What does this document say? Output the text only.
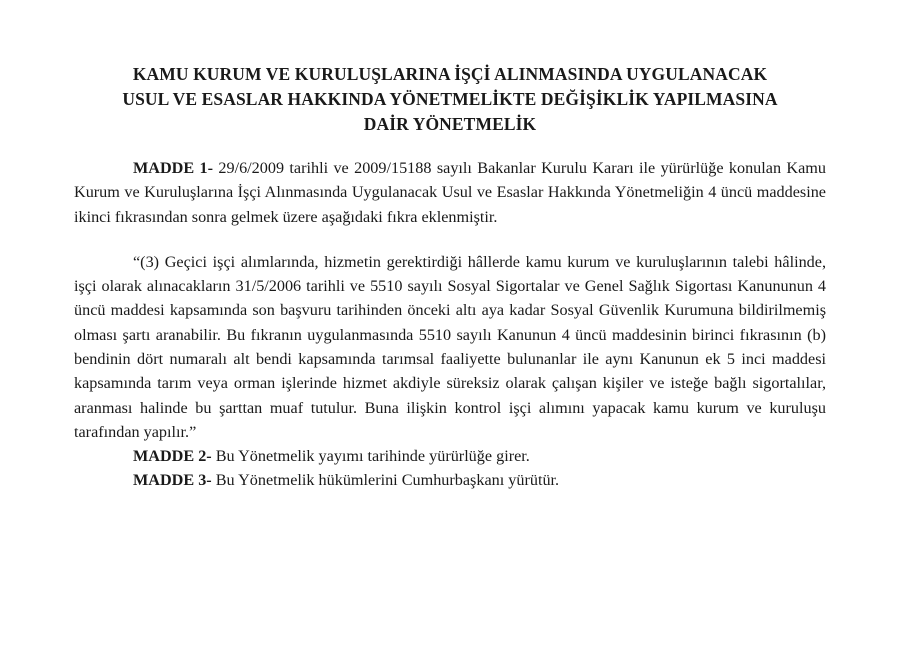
KAMU KURUM VE KURULUŞLARINA İŞÇİ ALINMASINDA UYGULANACAK
USUL VE ESASLAR HAKKINDA YÖNETMELİKTE DEĞİŞİKLİK YAPILMASINA
DAİR YÖNETMELİK

MADDE 1- 29/6/2009 tarihli ve 2009/15188 sayılı Bakanlar Kurulu Kararı ile yürürlüğe konulan Kamu Kurum ve Kuruluşlarına İşçi Alınmasında Uygulanacak Usul ve Esaslar Hakkında Yönetmeliğin 4 üncü maddesine ikinci fıkrasından sonra gelmek üzere aşağıdaki fıkra eklenmiştir.

“(3) Geçici işçi alımlarında, hizmetin gerektirdiği hâllerde kamu kurum ve kuruluşlarının talebi hâlinde, işçi olarak alınacakların 31/5/2006 tarihli ve 5510 sayılı Sosyal Sigortalar ve Genel Sağlık Sigortası Kanununun 4 üncü maddesi kapsamında son başvuru tarihinden önceki altı aya kadar Sosyal Güvenlik Kurumuna bildirilmemiş olması şartı aranabilir. Bu fıkranın uygulanmasında 5510 sayılı Kanunun 4 üncü maddesinin birinci fıkrasının (b) bendinin dört numaralı alt bendi kapsamında tarımsal faaliyette bulunanlar ile aynı Kanunun ek 5 inci maddesi kapsamında tarım veya orman işlerinde hizmet akdiyle süreksiz olarak çalışan kişiler ve isteğe bağlı sigortalılar, aranması halinde bu şarttan muaf tutulur. Buna ilişkin kontrol işçi alımını yapacak kamu kurum ve kuruluşu tarafından yapılır.”

MADDE 2- Bu Yönetmelik yayımı tarihinde yürürlüğe girer.

MADDE 3- Bu Yönetmelik hükümlerini Cumhurbaşkanı yürütür.
